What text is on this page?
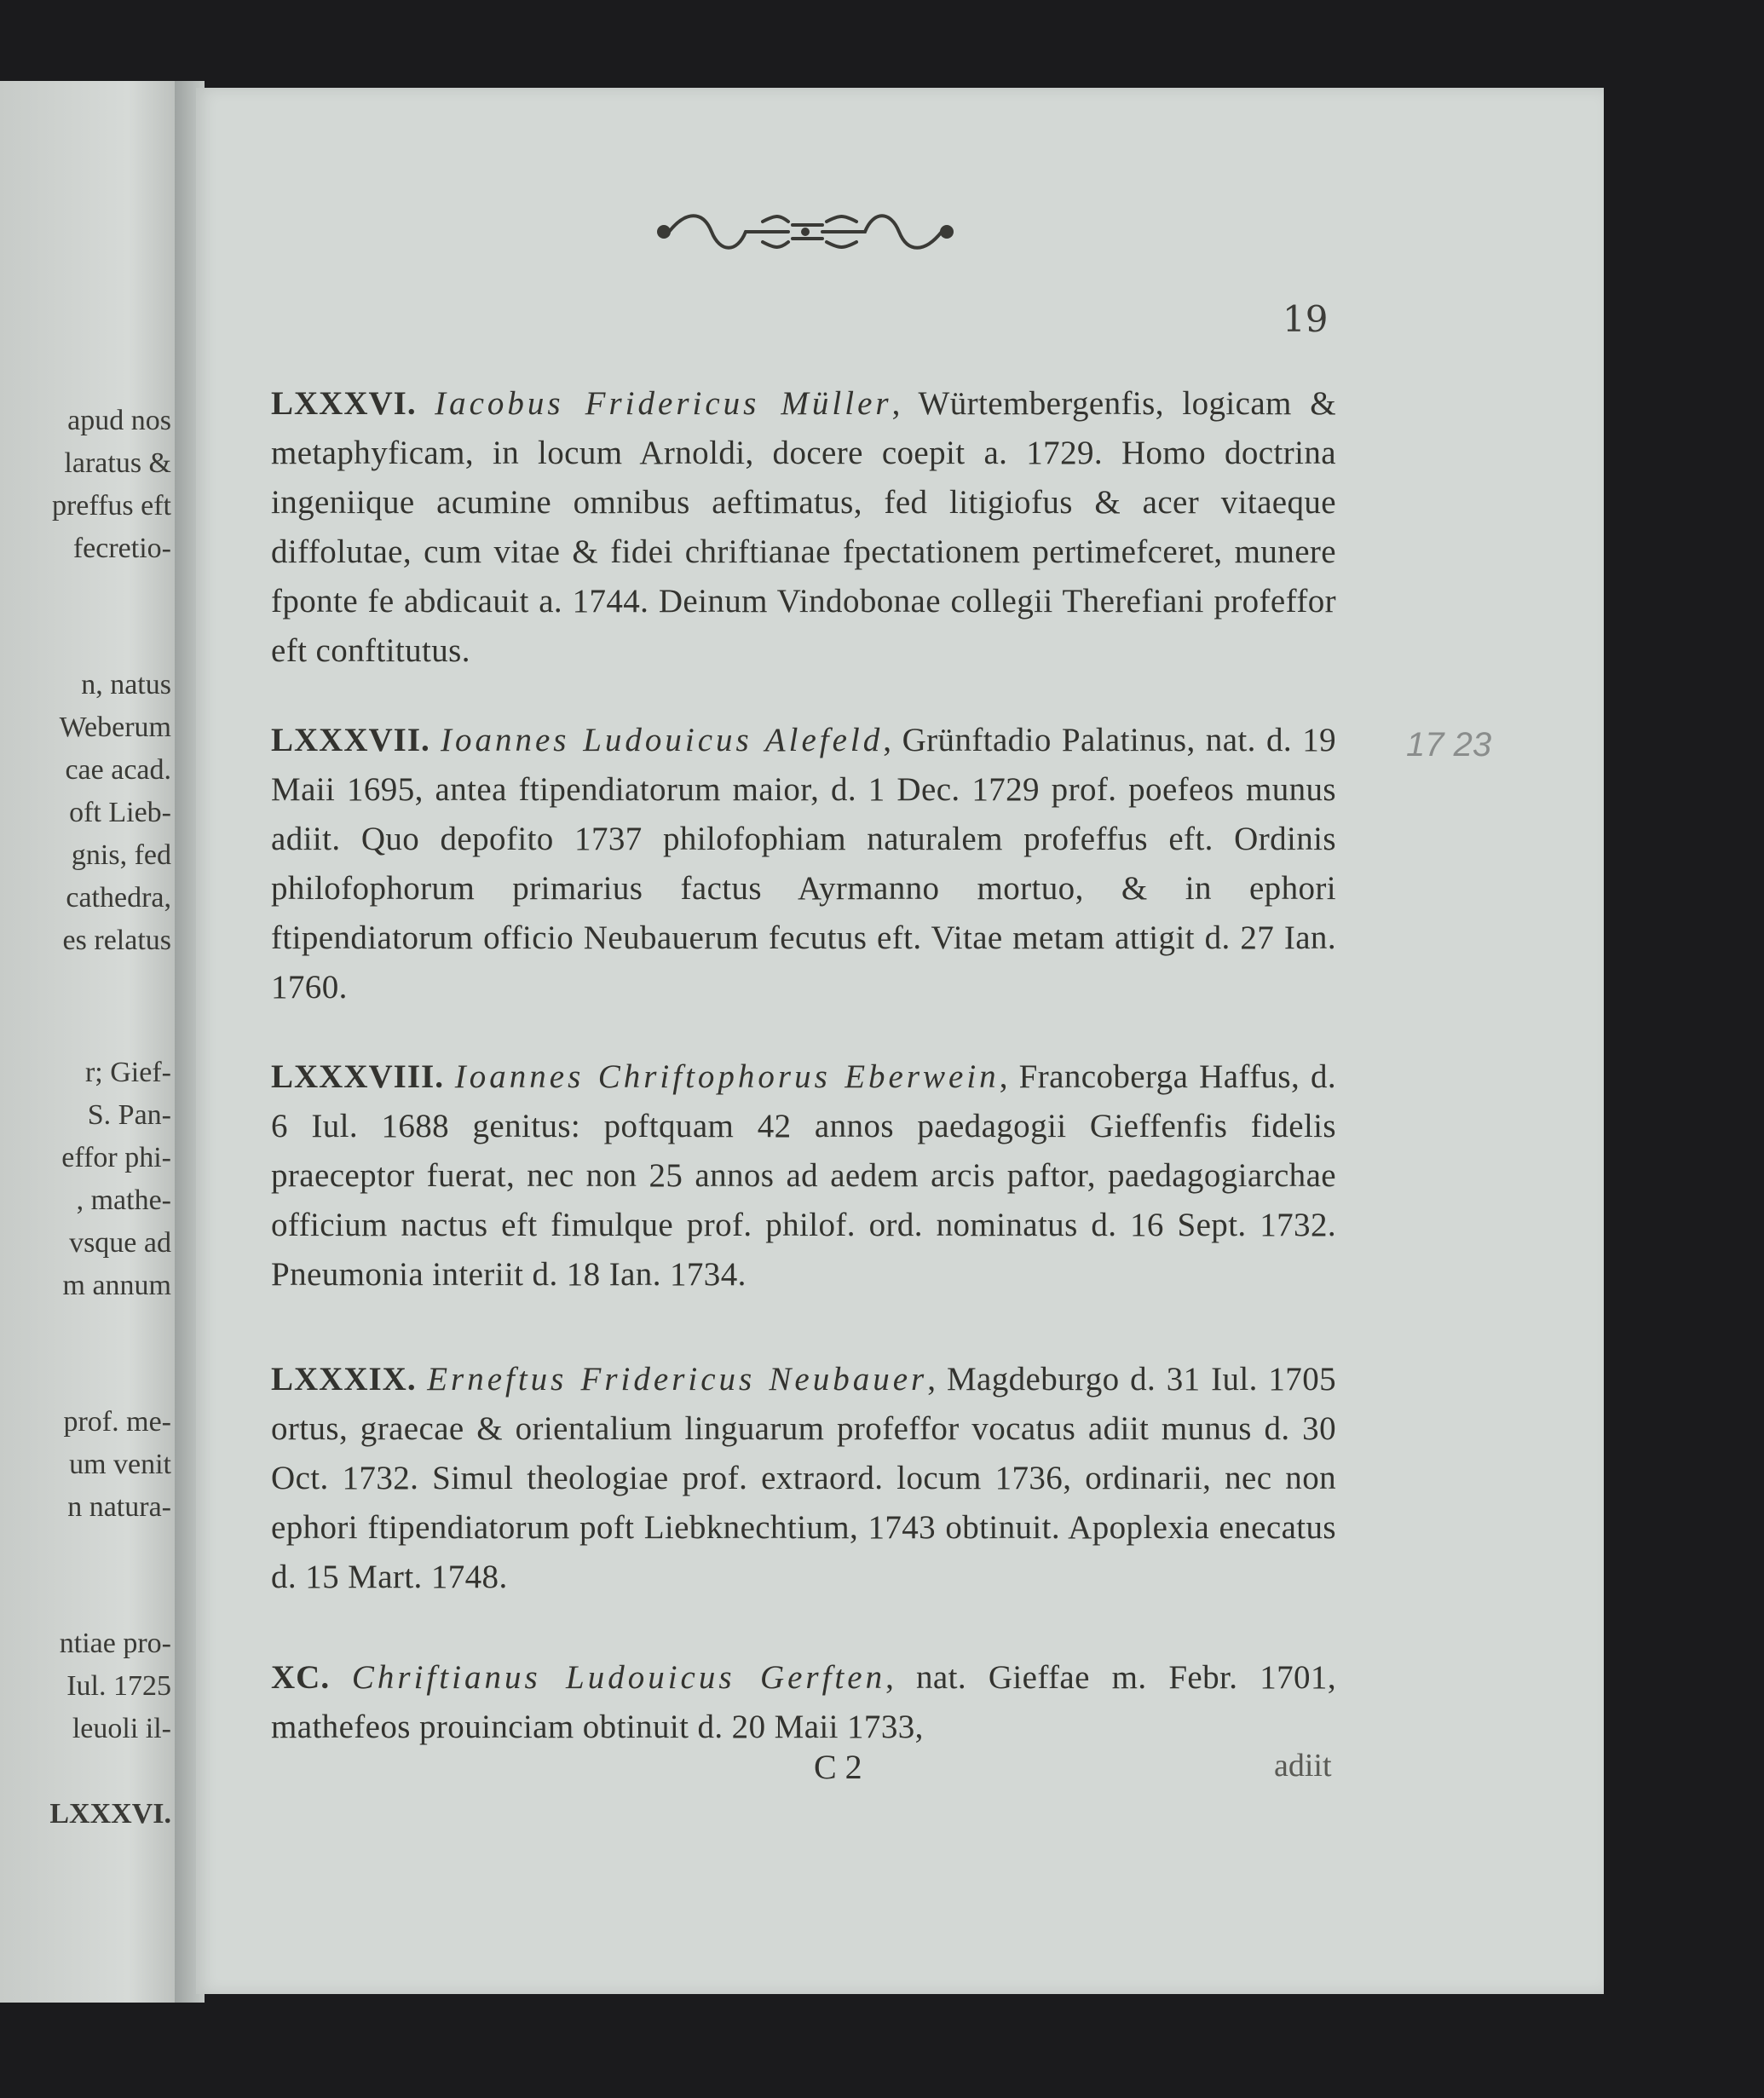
apud nos
laratus &
preffus eft
fecretio-
n, natus
Weberum
cae acad.
oft Lieb-
gnis, fed
cathedra,
es relatus
r; Gief-
S. Pan-
effor phi-
, mathe-
vsque ad
m annum
prof. me-
um venit
n natura-
ntiae pro-
Iul. 1725
leuoli il-
LXXXVI.
19
LXXXVI. Iacobus Fridericus Müller, Würtembergenfis, logicam & metaphyficam, in locum Arnoldi, docere coepit a. 1729. Homo doctrina ingeniique acumine omnibus aeftimatus, fed litigiofus & acer vitaeque diffolutae, cum vitae & fidei chriftianae fpectationem pertimefceret, munere fponte fe abdicauit a. 1744. Deinum Vindobonae collegii Therefiani profeffor eft conftitutus.
LXXXVII. Ioannes Ludouicus Alefeld, Grünftadio Palatinus, nat. d. 19 Maii 1695, antea ftipendiatorum maior, d. 1 Dec. 1729 prof. poefeos munus adiit. Quo depofito 1737 philofophiam naturalem profeffus eft. Ordinis philofophorum primarius factus Ayrmanno mortuo, & in ephori ftipendiatorum officio Neubauerum fecutus eft. Vitae metam attigit d. 27 Ian. 1760.
LXXXVIII. Ioannes Chriftophorus Eberwein, Francoberga Haffus, d. 6 Iul. 1688 genitus: poftquam 42 annos paedagogii Gieffenfis fidelis praeceptor fuerat, nec non 25 annos ad aedem arcis paftor, paedagogiarchae officium nactus eft fimulque prof. philof. ord. nominatus d. 16 Sept. 1732. Pneumonia interiit d. 18 Ian. 1734.
LXXXIX. Erneftus Fridericus Neubauer, Magdeburgo d. 31 Iul. 1705 ortus, graecae & orientalium linguarum profeffor vocatus adiit munus d. 30 Oct. 1732. Simul theologiae prof. extraord. locum 1736, ordinarii, nec non ephori ftipendiatorum poft Liebknechtium, 1743 obtinuit. Apoplexia enecatus d. 15 Mart. 1748.
XC. Chriftianus Ludouicus Gerften, nat. Gieffae m. Febr. 1701, mathefeos prouinciam obtinuit d. 20 Maii 1733,
C 2	adiit
17 23
